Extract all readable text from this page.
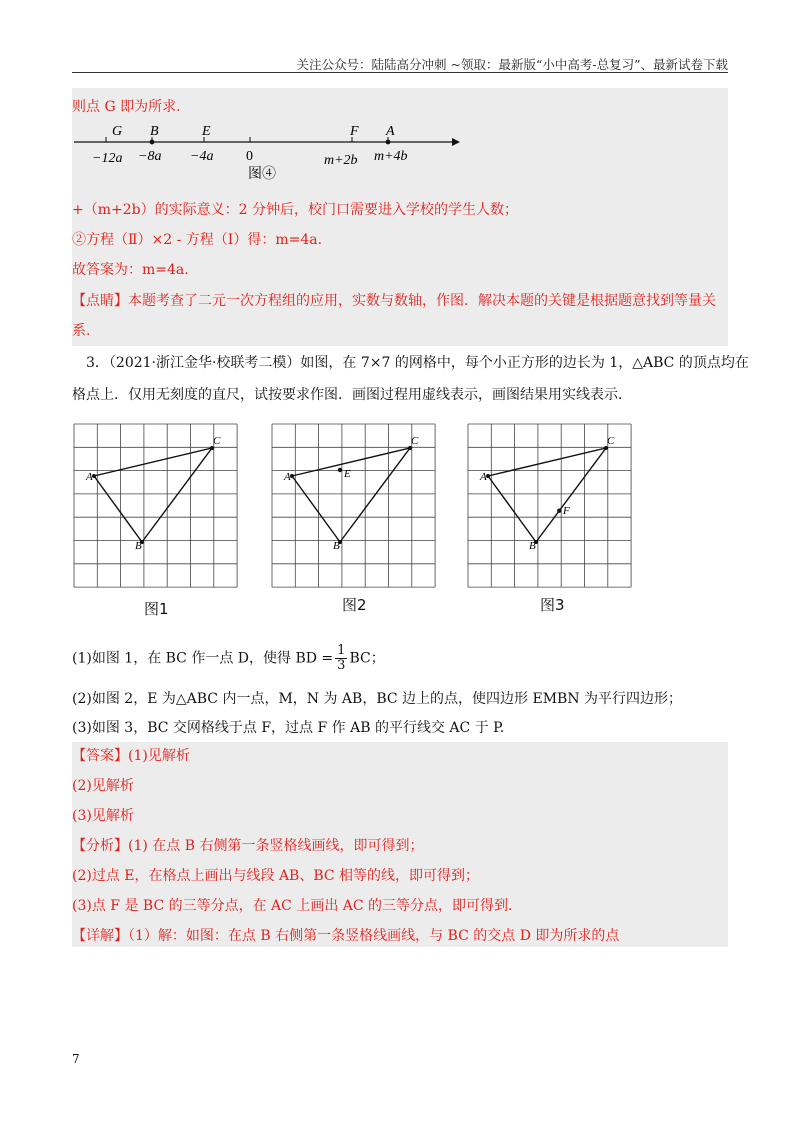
关注公众号：陆陆高分冲刺 ~领取：最新版“小中高考-总复习”、最新试卷下载
则点 G 即为所求.
G B	E	F A
−12a −8a −4a 0	m+2b m+4b
图④
+（m+2b）的实际意义：2 分钟后，校门口需要进入学校的学生人数；
②方程（Ⅱ）×2 - 方程（Ⅰ）得：m=4a.
故答案为：m=4a.
【点睛】本题考查了二元一次方程组的应用，实数与数轴，作图．解决本题的关键是根据题意找到等量关
系.
3．（2021·浙江金华·校联考二模）如图，在 7×7 的网格中，每个小正方形的边长为 1，△ABC 的顶点均在
格点上．仅用无刻度的直尺，试按要求作图．画图过程用虚线表示，画图结果用实线表示．
A
B
C
图1
A
B
C
E
图2
A
B
C
F
图3
(1)如图 1，在 BC 作一点 D，使得 BD = $\frac{1}{3}$ BC；
(2)如图 2，E 为△ABC 内一点，M，N 为 AB，BC 边上的点，使四边形 EMBN 为平行四边形；
(3)如图 3，BC 交网格线于点 F，过点 F 作 AB 的平行线交 AC 于 P.
【答案】(1)见解析
(2)见解析
(3)见解析
【分析】(1) 在点 B 右侧第一条竖格线画线，即可得到；
(2)过点 E，在格点上画出与线段 AB、BC 相等的线，即可得到；
(3)点 F 是 BC 的三等分点，在 AC 上画出 AC 的三等分点，即可得到.
【详解】（1）解：如图：在点 B 右侧第一条竖格线画线，与 BC 的交点 D 即为所求的点
7
